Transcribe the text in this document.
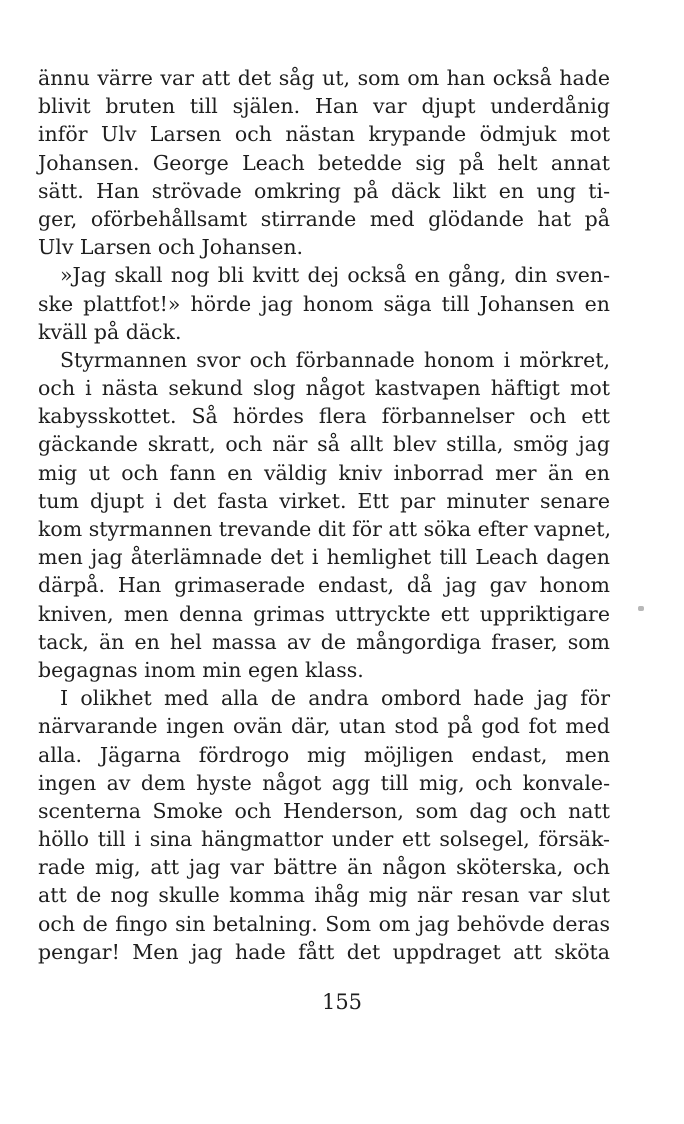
ännu värre var att det såg ut, som om han också hade
blivit bruten till själen. Han var djupt underdånig
inför Ulv Larsen och nästan krypande ödmjuk mot
Johansen. George Leach betedde sig på helt annat
sätt. Han strövade omkring på däck likt en ung ti-
ger, oförbehållsamt stirrande med glödande hat på
Ulv Larsen och Johansen.
»Jag skall nog bli kvitt dej också en gång, din sven-
ske plattfot!» hörde jag honom säga till Johansen en
kväll på däck.
Styrmannen svor och förbannade honom i mörkret,
och i nästa sekund slog något kastvapen häftigt mot
kabysskottet. Så hördes flera förbannelser och ett
gäckande skratt, och när så allt blev stilla, smög jag
mig ut och fann en väldig kniv inborrad mer än en
tum djupt i det fasta virket. Ett par minuter senare
kom styrmannen trevande dit för att söka efter vapnet,
men jag återlämnade det i hemlighet till Leach dagen
därpå. Han grimaserade endast, då jag gav honom
kniven, men denna grimas uttryckte ett uppriktigare
tack, än en hel massa av de mångordiga fraser, som
begagnas inom min egen klass.
I olikhet med alla de andra ombord hade jag för
närvarande ingen ovän där, utan stod på god fot med
alla. Jägarna fördrogo mig möjligen endast, men
ingen av dem hyste något agg till mig, och konvale-
scenterna Smoke och Henderson, som dag och natt
höllo till i sina hängmattor under ett solsegel, försäk-
rade mig, att jag var bättre än någon sköterska, och
att de nog skulle komma ihåg mig när resan var slut
och de fingo sin betalning. Som om jag behövde deras
pengar! Men jag hade fått det uppdraget att sköta
155
